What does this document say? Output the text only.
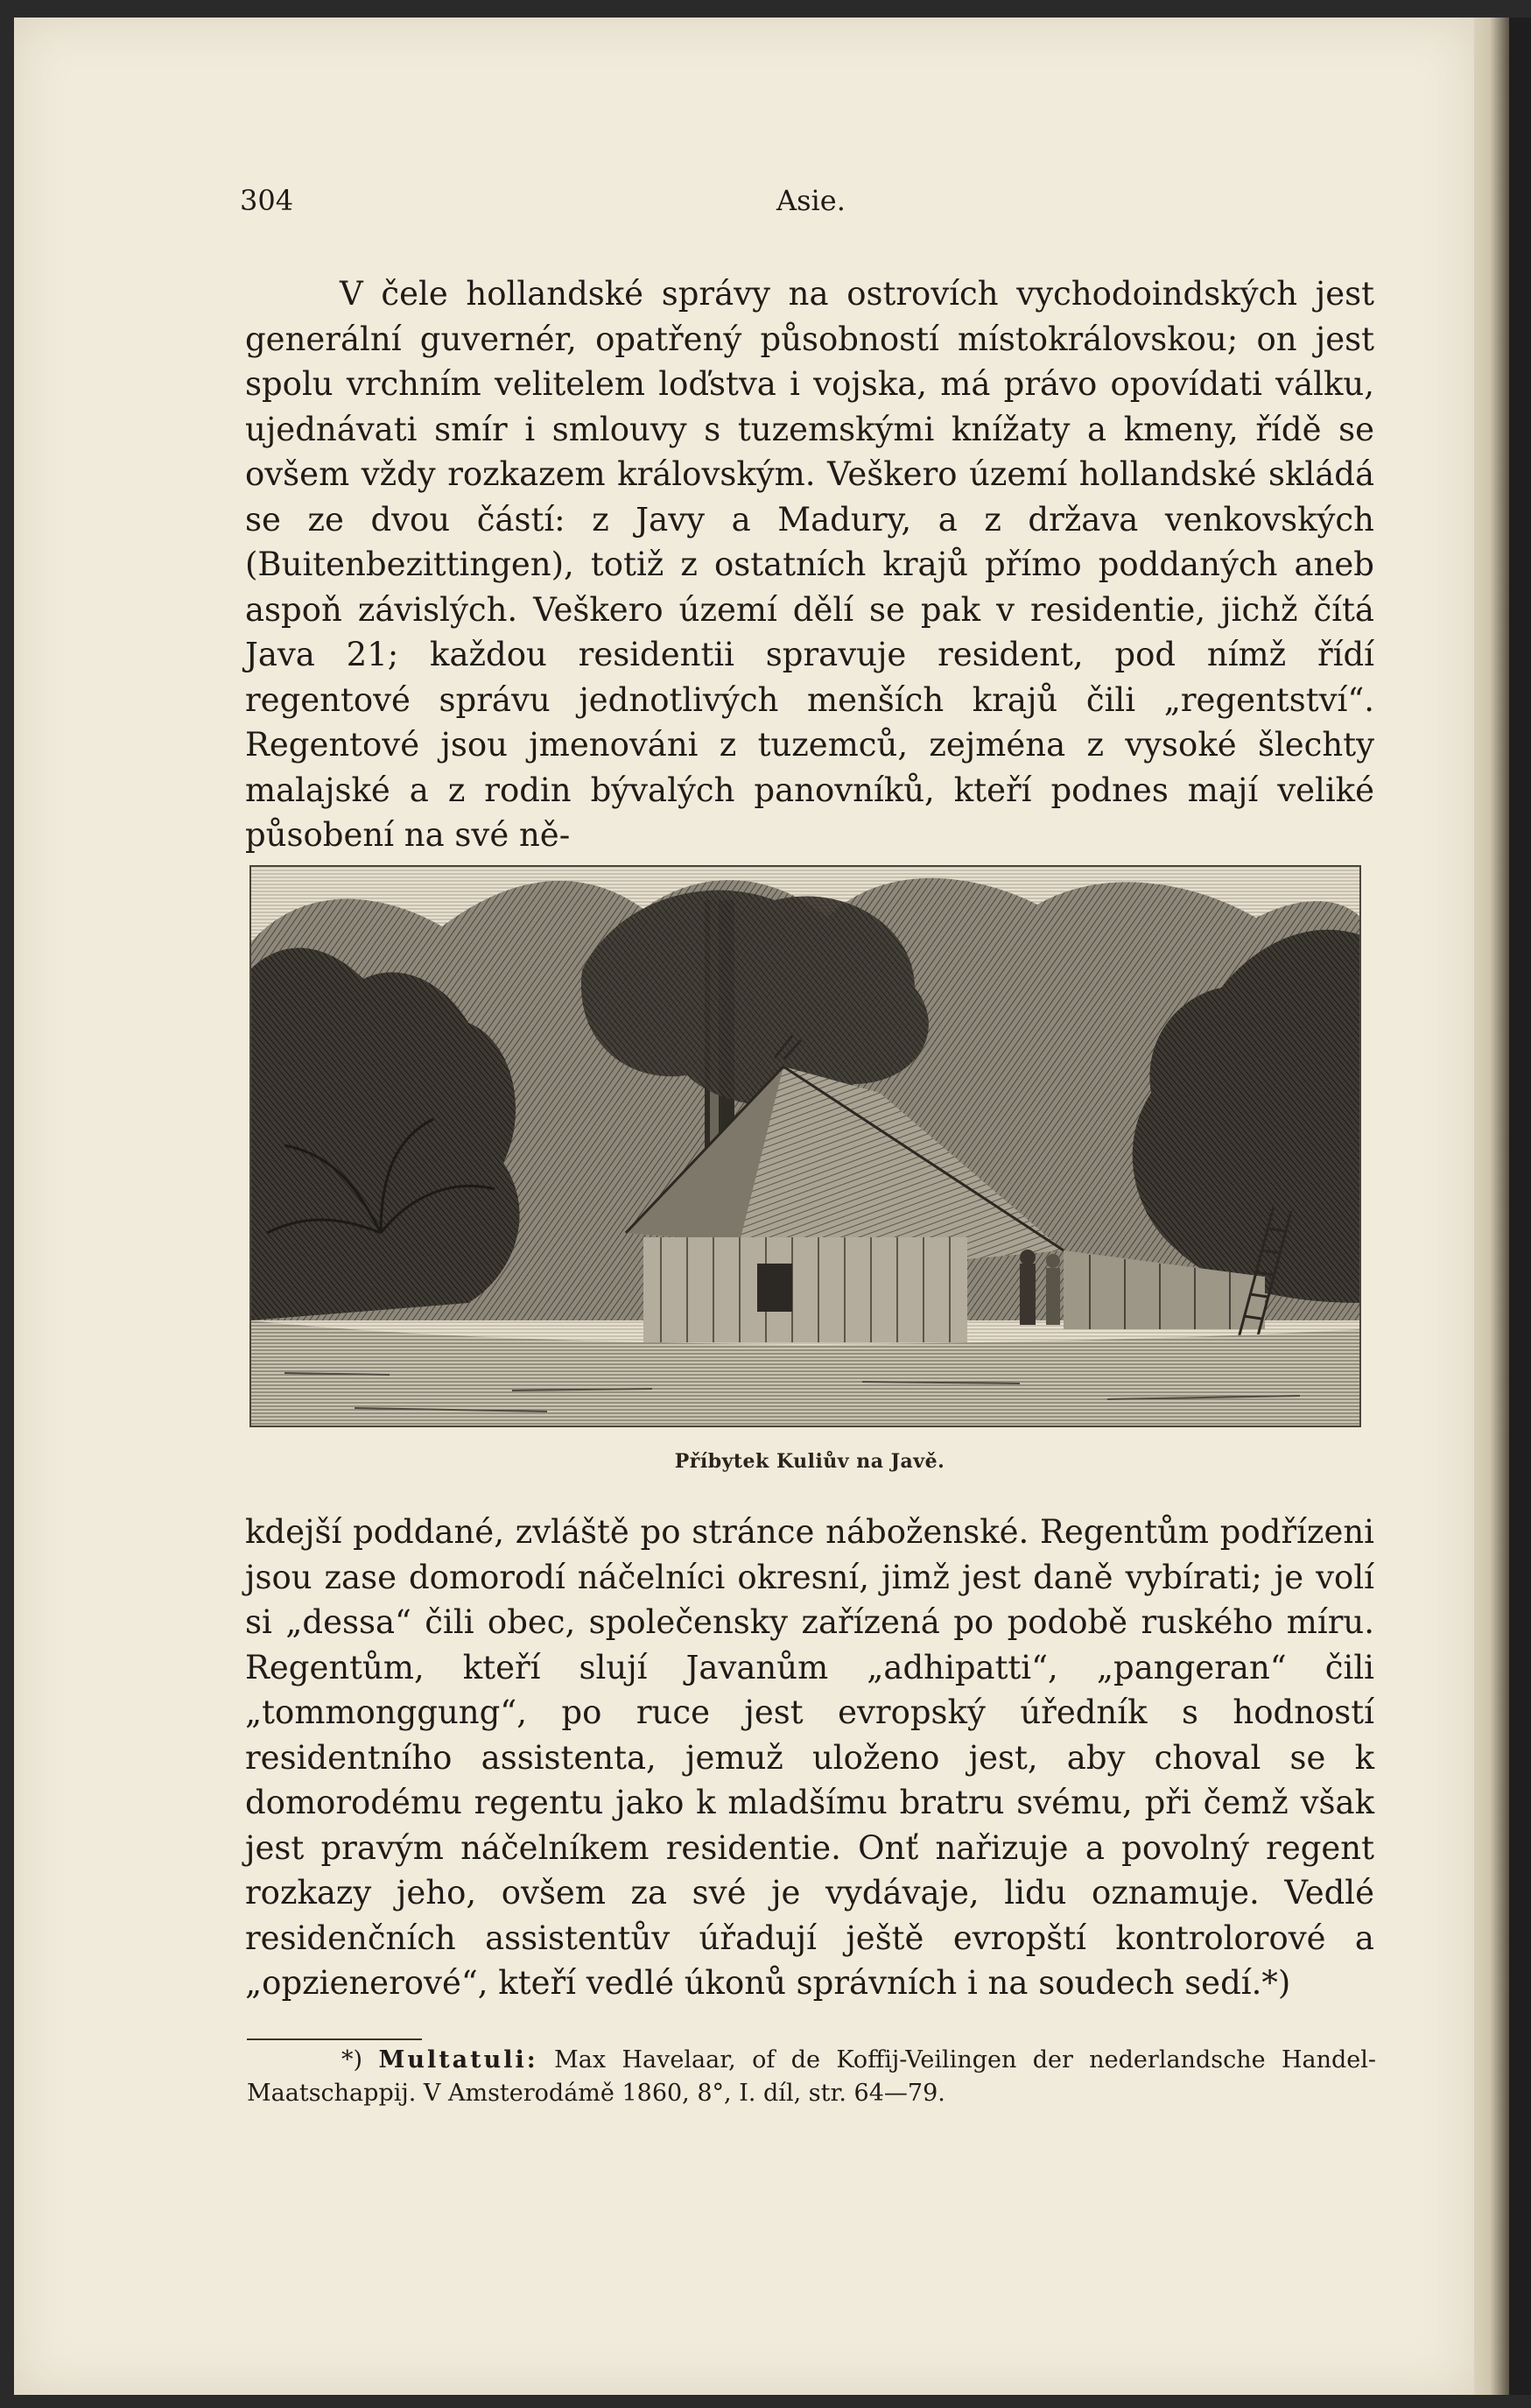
304	Asie.

V čele hollandské správy na ostrovích vychodoindských jest generální guvernér, opatřený působností místokrálovskou; on jest spolu vrchním velitelem loďstva i vojska, má právo opovídati válku, ujednávati smír i smlouvy s tuzemskými knížaty a kmeny, řídě se ovšem vždy rozkazem královským. Veškero území hollandské skládá se ze dvou částí: z Javy a Madury, a z država venkovských (Buitenbezittingen), totiž z ostatních krajů přímo poddaných aneb aspoň závislých. Veškero území dělí se pak v residentie, jichž čítá Java 21; každou residentii spravuje resident, pod nímž řídí regentové správu jednotlivých menších krajů čili „regentství“. Regentové jsou jmenováni z tuzemců, zejména z vysoké šlechty malajské a z rodin bývalých panovníků, kteří podnes mají veliké působení na své ně-

Příbytek Kuliův na Javě.

kdejší poddané, zvláště po stránce náboženské. Regentům podřízeni jsou zase domorodí náčelníci okresní, jimž jest daně vybírati; je volí si „dessa“ čili obec, společensky zařízená po podobě ruského míru. Regentům, kteří slují Javanům „adhipatti“, „pangeran“ čili „tommonggung“, po ruce jest evropský úředník s hodností residentního assistenta, jemuž uloženo jest, aby choval se k domorodému regentu jako k mladšímu bratru svému, při čemž však jest pravým náčelníkem residentie. Onť nařizuje a povolný regent rozkazy jeho, ovšem za své je vydávaje, lidu oznamuje. Vedlé residenčních assistentův úřadují ještě evropští kontrolorové a „opzienerové“, kteří vedlé úkonů správních i na soudech sedí.*)

*) Multatuli: Max Havelaar, of de Koffij-Veilingen der nederlandsche Handel-Maatschappij. V Amsterodámě 1860, 8°, I. díl, str. 64—79.
